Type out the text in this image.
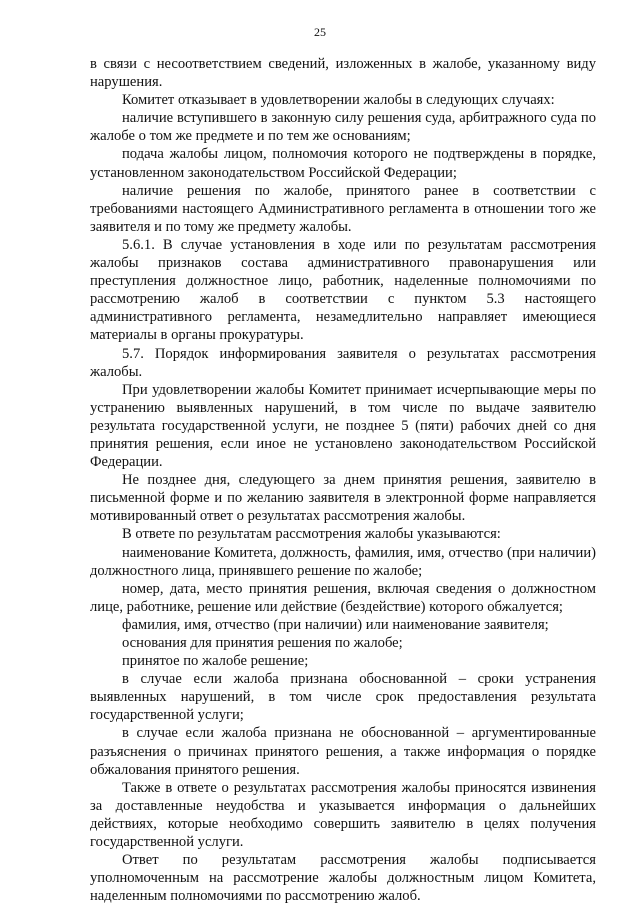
25

в связи с несоответствием сведений, изложенных в жалобе, указанному виду нарушения.

Комитет отказывает в удовлетворении жалобы в следующих случаях:

наличие вступившего в законную силу решения суда, арбитражного суда по жалобе о том же предмете и по тем же основаниям;

подача жалобы лицом, полномочия которого не подтверждены в порядке, установленном законодательством Российской Федерации;

наличие решения по жалобе, принятого ранее в соответствии с требованиями настоящего Административного регламента в отношении того же заявителя и по тому же предмету жалобы.

5.6.1. В случае установления в ходе или по результатам рассмотрения жалобы признаков состава административного правонарушения или преступления должностное лицо, работник, наделенные полномочиями по рассмотрению жалоб в соответствии с пунктом 5.3 настоящего административного регламента, незамедлительно направляет имеющиеся материалы в органы прокуратуры.

5.7. Порядок информирования заявителя о результатах рассмотрения жалобы.

При удовлетворении жалобы Комитет принимает исчерпывающие меры по устранению выявленных нарушений, в том числе по выдаче заявителю результата государственной услуги, не позднее 5 (пяти) рабочих дней со дня принятия решения, если иное не установлено законодательством Российской Федерации.

Не позднее дня, следующего за днем принятия решения, заявителю в письменной форме и по желанию заявителя в электронной форме направляется мотивированный ответ о результатах рассмотрения жалобы.

В ответе по результатам рассмотрения жалобы указываются:

наименование Комитета, должность, фамилия, имя, отчество (при наличии) должностного лица, принявшего решение по жалобе;

номер, дата, место принятия решения, включая сведения о должностном лице, работнике, решение или действие (бездействие) которого обжалуется;

фамилия, имя, отчество (при наличии) или наименование заявителя;

основания для принятия решения по жалобе;

принятое по жалобе решение;

в случае если жалоба признана обоснованной – сроки устранения выявленных нарушений, в том числе срок предоставления результата государственной услуги;

в случае если жалоба признана не обоснованной – аргументированные разъяснения о причинах принятого решения, а также информация о порядке обжалования принятого решения.

Также в ответе о результатах рассмотрения жалобы приносятся извинения за доставленные неудобства и указывается информация о дальнейших действиях, которые необходимо совершить заявителю в целях получения государственной услуги.

Ответ по результатам рассмотрения жалобы подписывается уполномоченным на рассмотрение жалобы должностным лицом Комитета, наделенным полномочиями по рассмотрению жалоб.
